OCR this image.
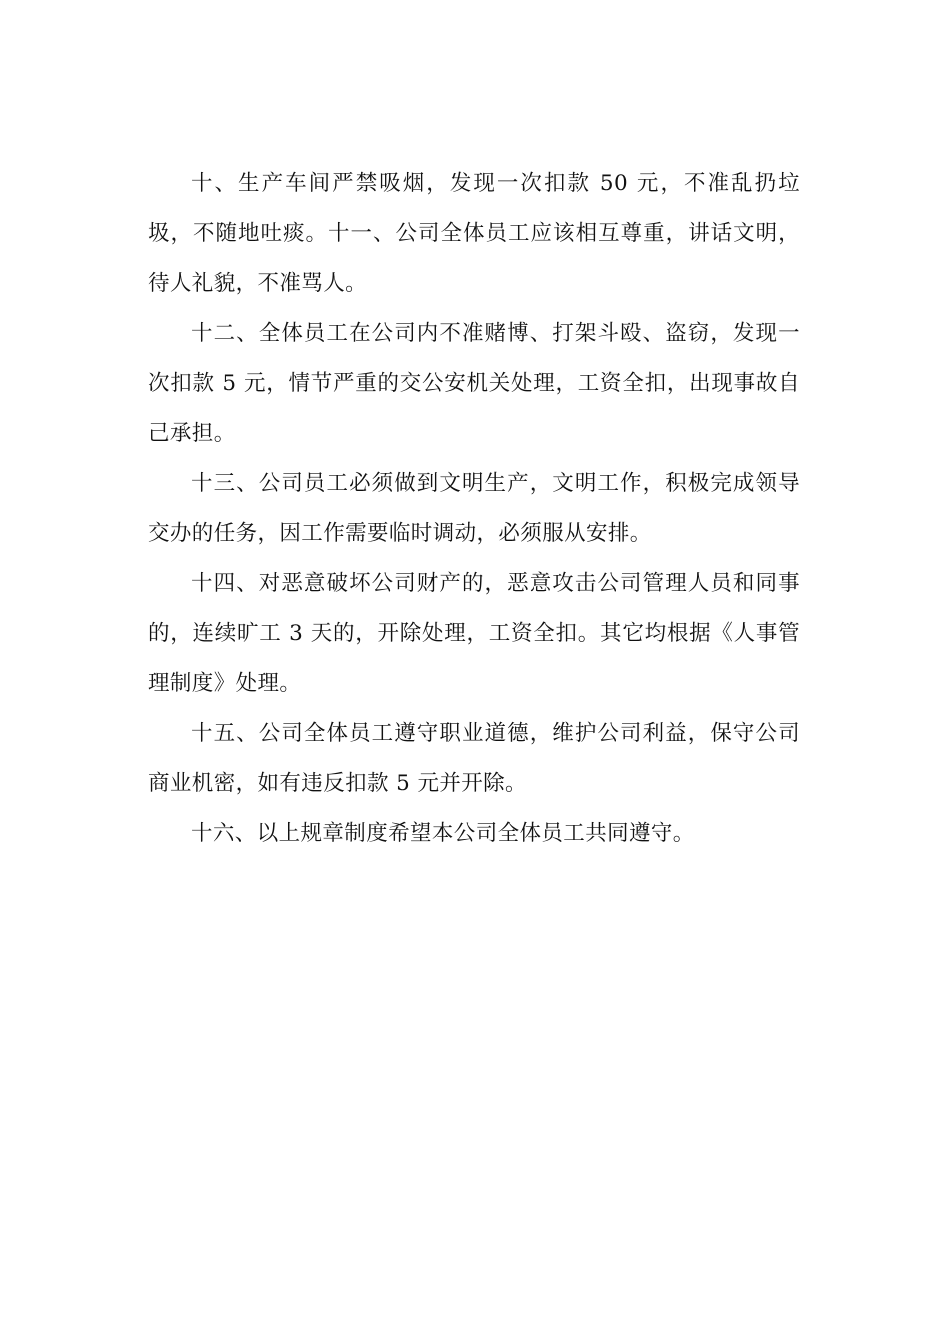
十、生产车间严禁吸烟，发现一次扣款 50 元，不准乱扔垃圾，不随地吐痰。十一、公司全体员工应该相互尊重，讲话文明，待人礼貌，不准骂人。

十二、全体员工在公司内不准赌博、打架斗殴、盗窃，发现一次扣款 5 元，情节严重的交公安机关处理，工资全扣，出现事故自己承担。

十三、公司员工必须做到文明生产，文明工作，积极完成领导交办的任务，因工作需要临时调动，必须服从安排。

十四、对恶意破坏公司财产的，恶意攻击公司管理人员和同事的，连续旷工 3 天的，开除处理，工资全扣。其它均根据《人事管理制度》处理。

十五、公司全体员工遵守职业道德，维护公司利益，保守公司商业机密，如有违反扣款 5 元并开除。

十六、以上规章制度希望本公司全体员工共同遵守。
